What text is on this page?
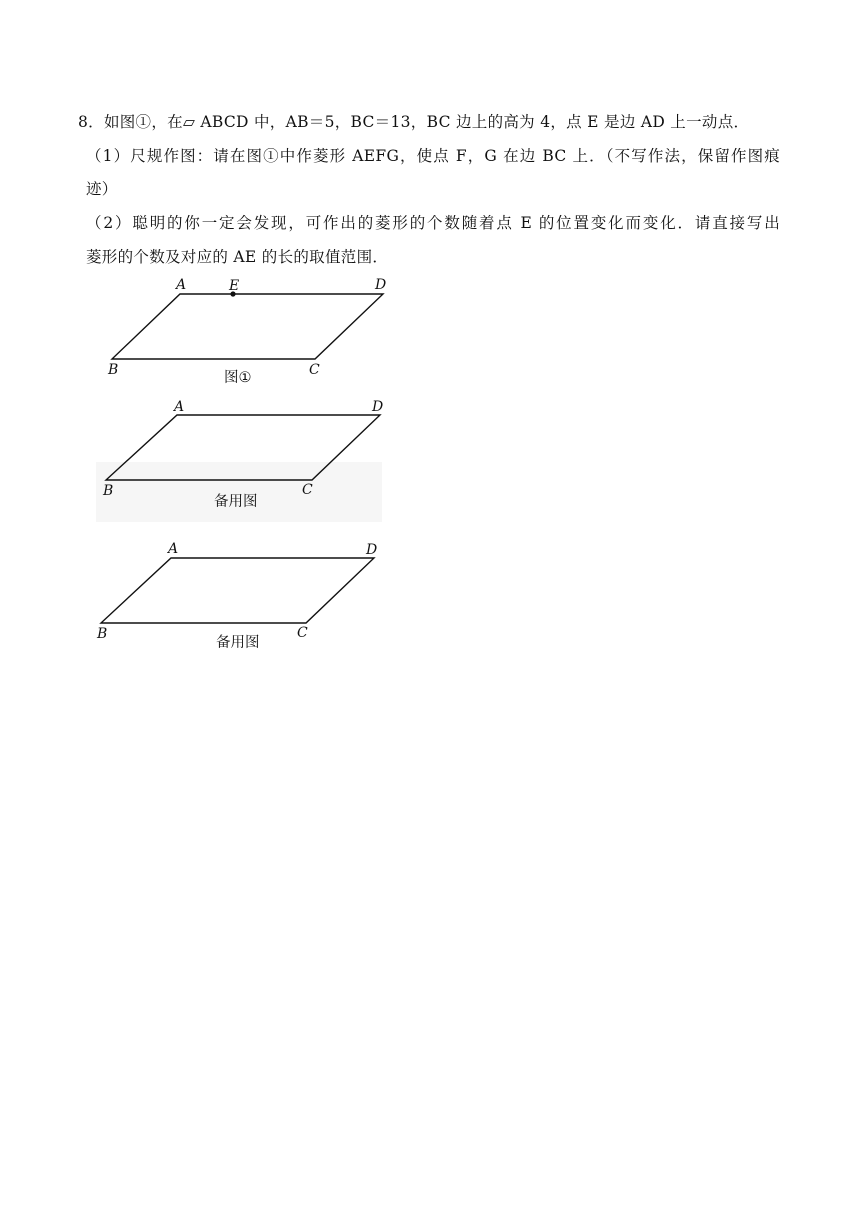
8．如图①，在▱ ABCD 中，AB＝5，BC＝13，BC 边上的高为 4，点 E 是边 AD 上一动点．
（1）尺规作图：请在图①中作菱形 AEFG，使点 F，G 在边 BC 上．（不写作法，保留作图痕
迹）
（2）聪明的你一定会发现，可作出的菱形的个数随着点 E 的位置变化而变化．请直接写出
菱形的个数及对应的 AE 的长的取值范围．
A	E	D
B	C
图①
A	D
B	C
备用图
A	D
B	C
备用图
